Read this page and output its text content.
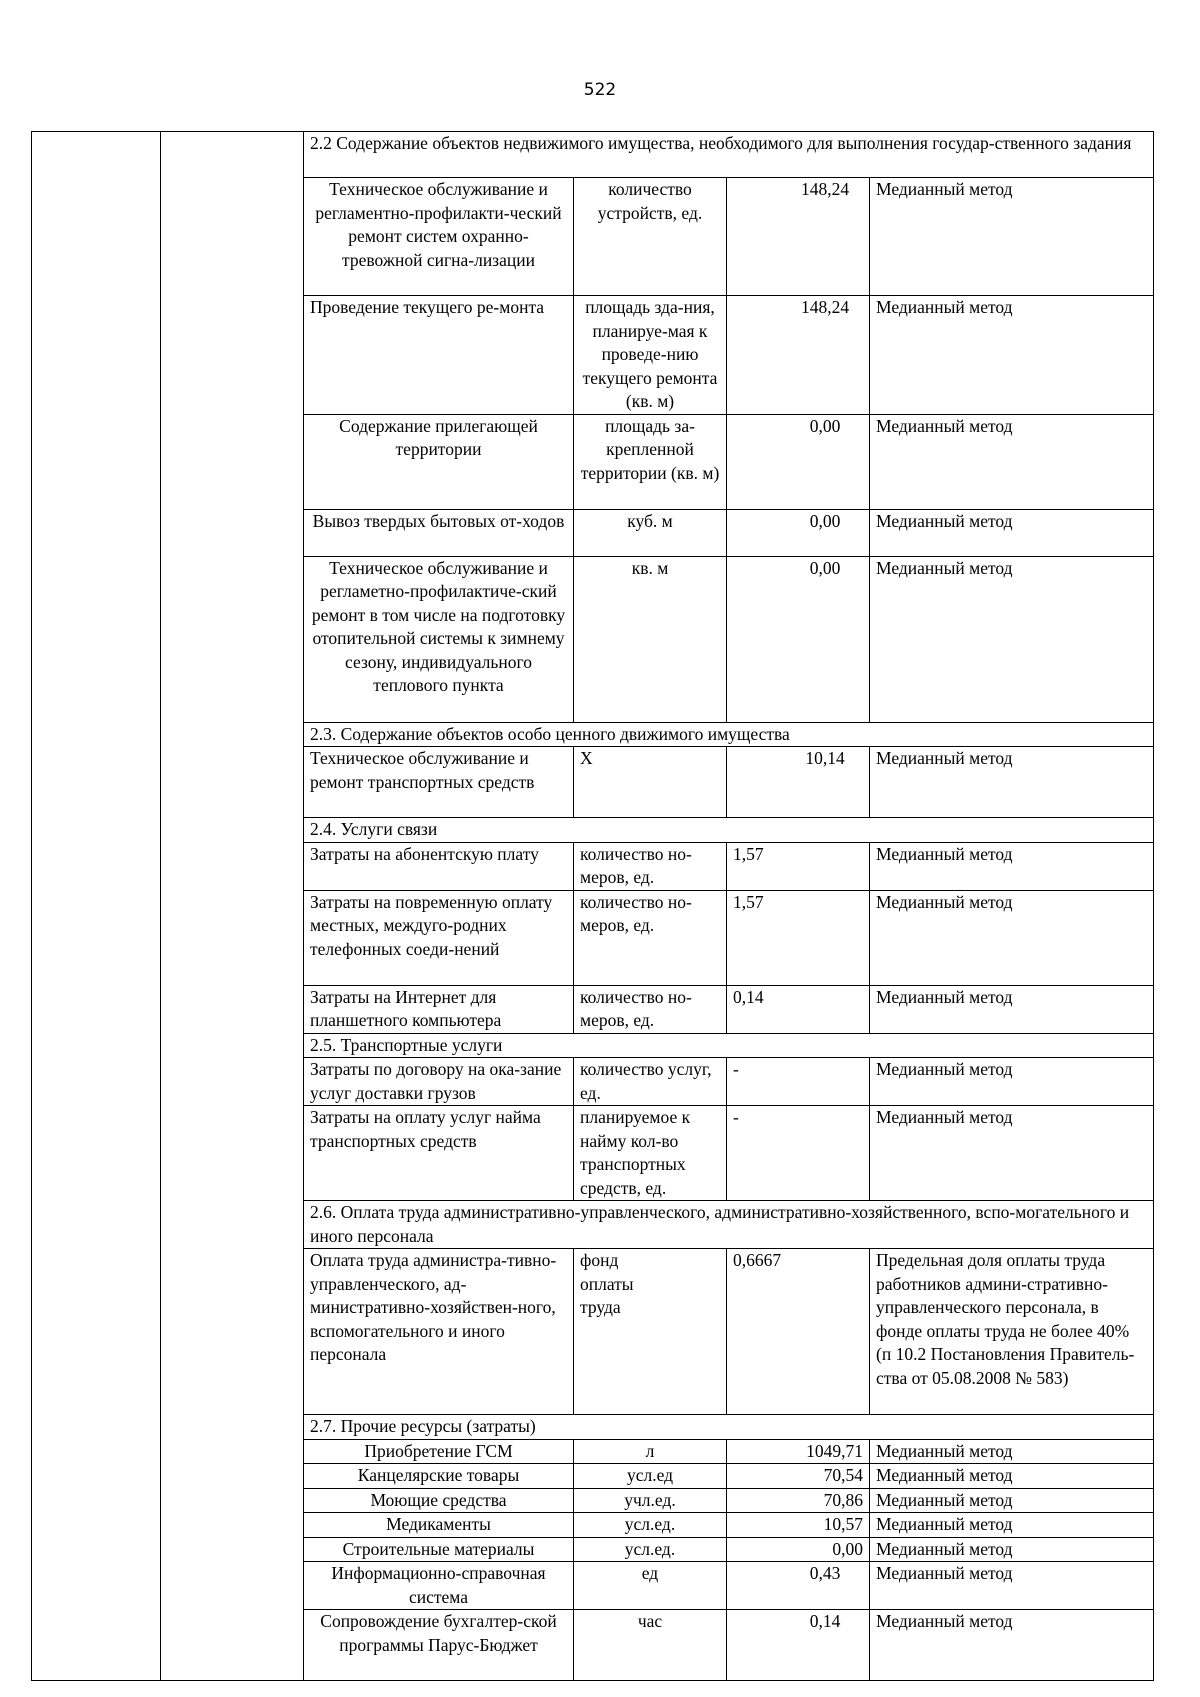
522
		2.2 Содержание объектов недвижимого имущества, необходимого для выполнения государ-ственного задания			
		Техническое обслуживание и регламентно-профилакти-ческий ремонт систем охранно-тревожной сигна-лизации	количество устройств, ед.	148,24	Медианный метод
		Проведение текущего ре-монта	площадь зда-ния, планируе-мая к проведе-нию текущего ремонта (кв. м)	148,24	Медианный метод
		Содержание прилегающей территории	площадь за-крепленной территории (кв. м)	0,00	Медианный метод
		Вывоз твердых бытовых от-ходов	куб. м	0,00	Медианный метод
		Техническое обслуживание и регламетно-профилактиче-ский ремонт в том числе на подготовку отопительной системы к зимнему сезону, индивидуального теплового пункта	кв. м	0,00	Медианный метод
		2.3. Содержание объектов особо ценного движимого имущества			
		Техническое обслуживание и ремонт транспортных средств	X	10,14	Медианный метод
		2.4. Услуги связи			
		Затраты на абонентскую плату	количество но-меров, ед.	1,57	Медианный метод
		Затраты на повременную оплату местных, междуго-родних телефонных соеди-нений	количество но-меров, ед.	1,57	Медианный метод
		Затраты на Интернет для планшетного компьютера	количество но-меров, ед.	0,14	Медианный метод
		2.5. Транспортные услуги			
		Затраты по договору на ока-зание услуг доставки грузов	количество услуг, ед.	-	Медианный метод
		Затраты на оплату услуг найма транспортных средств	планируемое к найму кол-во транспортных средств, ед.	-	Медианный метод
		2.6. Оплата труда административно-управленческого, административно-хозяйственного, вспо-могательного и иного персонала			
		Оплата труда администра-тивно-управленческого, ад-министративно-хозяйствен-ного, вспомогательного и иного персонала	фонд оплаты труда	0,6667	Предельная доля оплаты труда работников админи-стративно-управленческого персонала, в фонде оплаты труда не более 40% (п 10.2 Постановления Правитель-ства от 05.08.2008 № 583)
		2.7. Прочие ресурсы (затраты)			
		Приобретение ГСМ	л	1049,71	Медианный метод
		Канцелярские товары	усл.ед	70,54	Медианный метод
		Моющие средства	учл.ед.	70,86	Медианный метод
		Медикаменты	усл.ед.	10,57	Медианный метод
		Строительные материалы	усл.ед.	0,00	Медианный метод
		Информационно-справочная система	ед	0,43	Медианный метод
		Сопровождение бухгалтер-ской программы Парус-Бюджет	час	0,14	Медианный метод
